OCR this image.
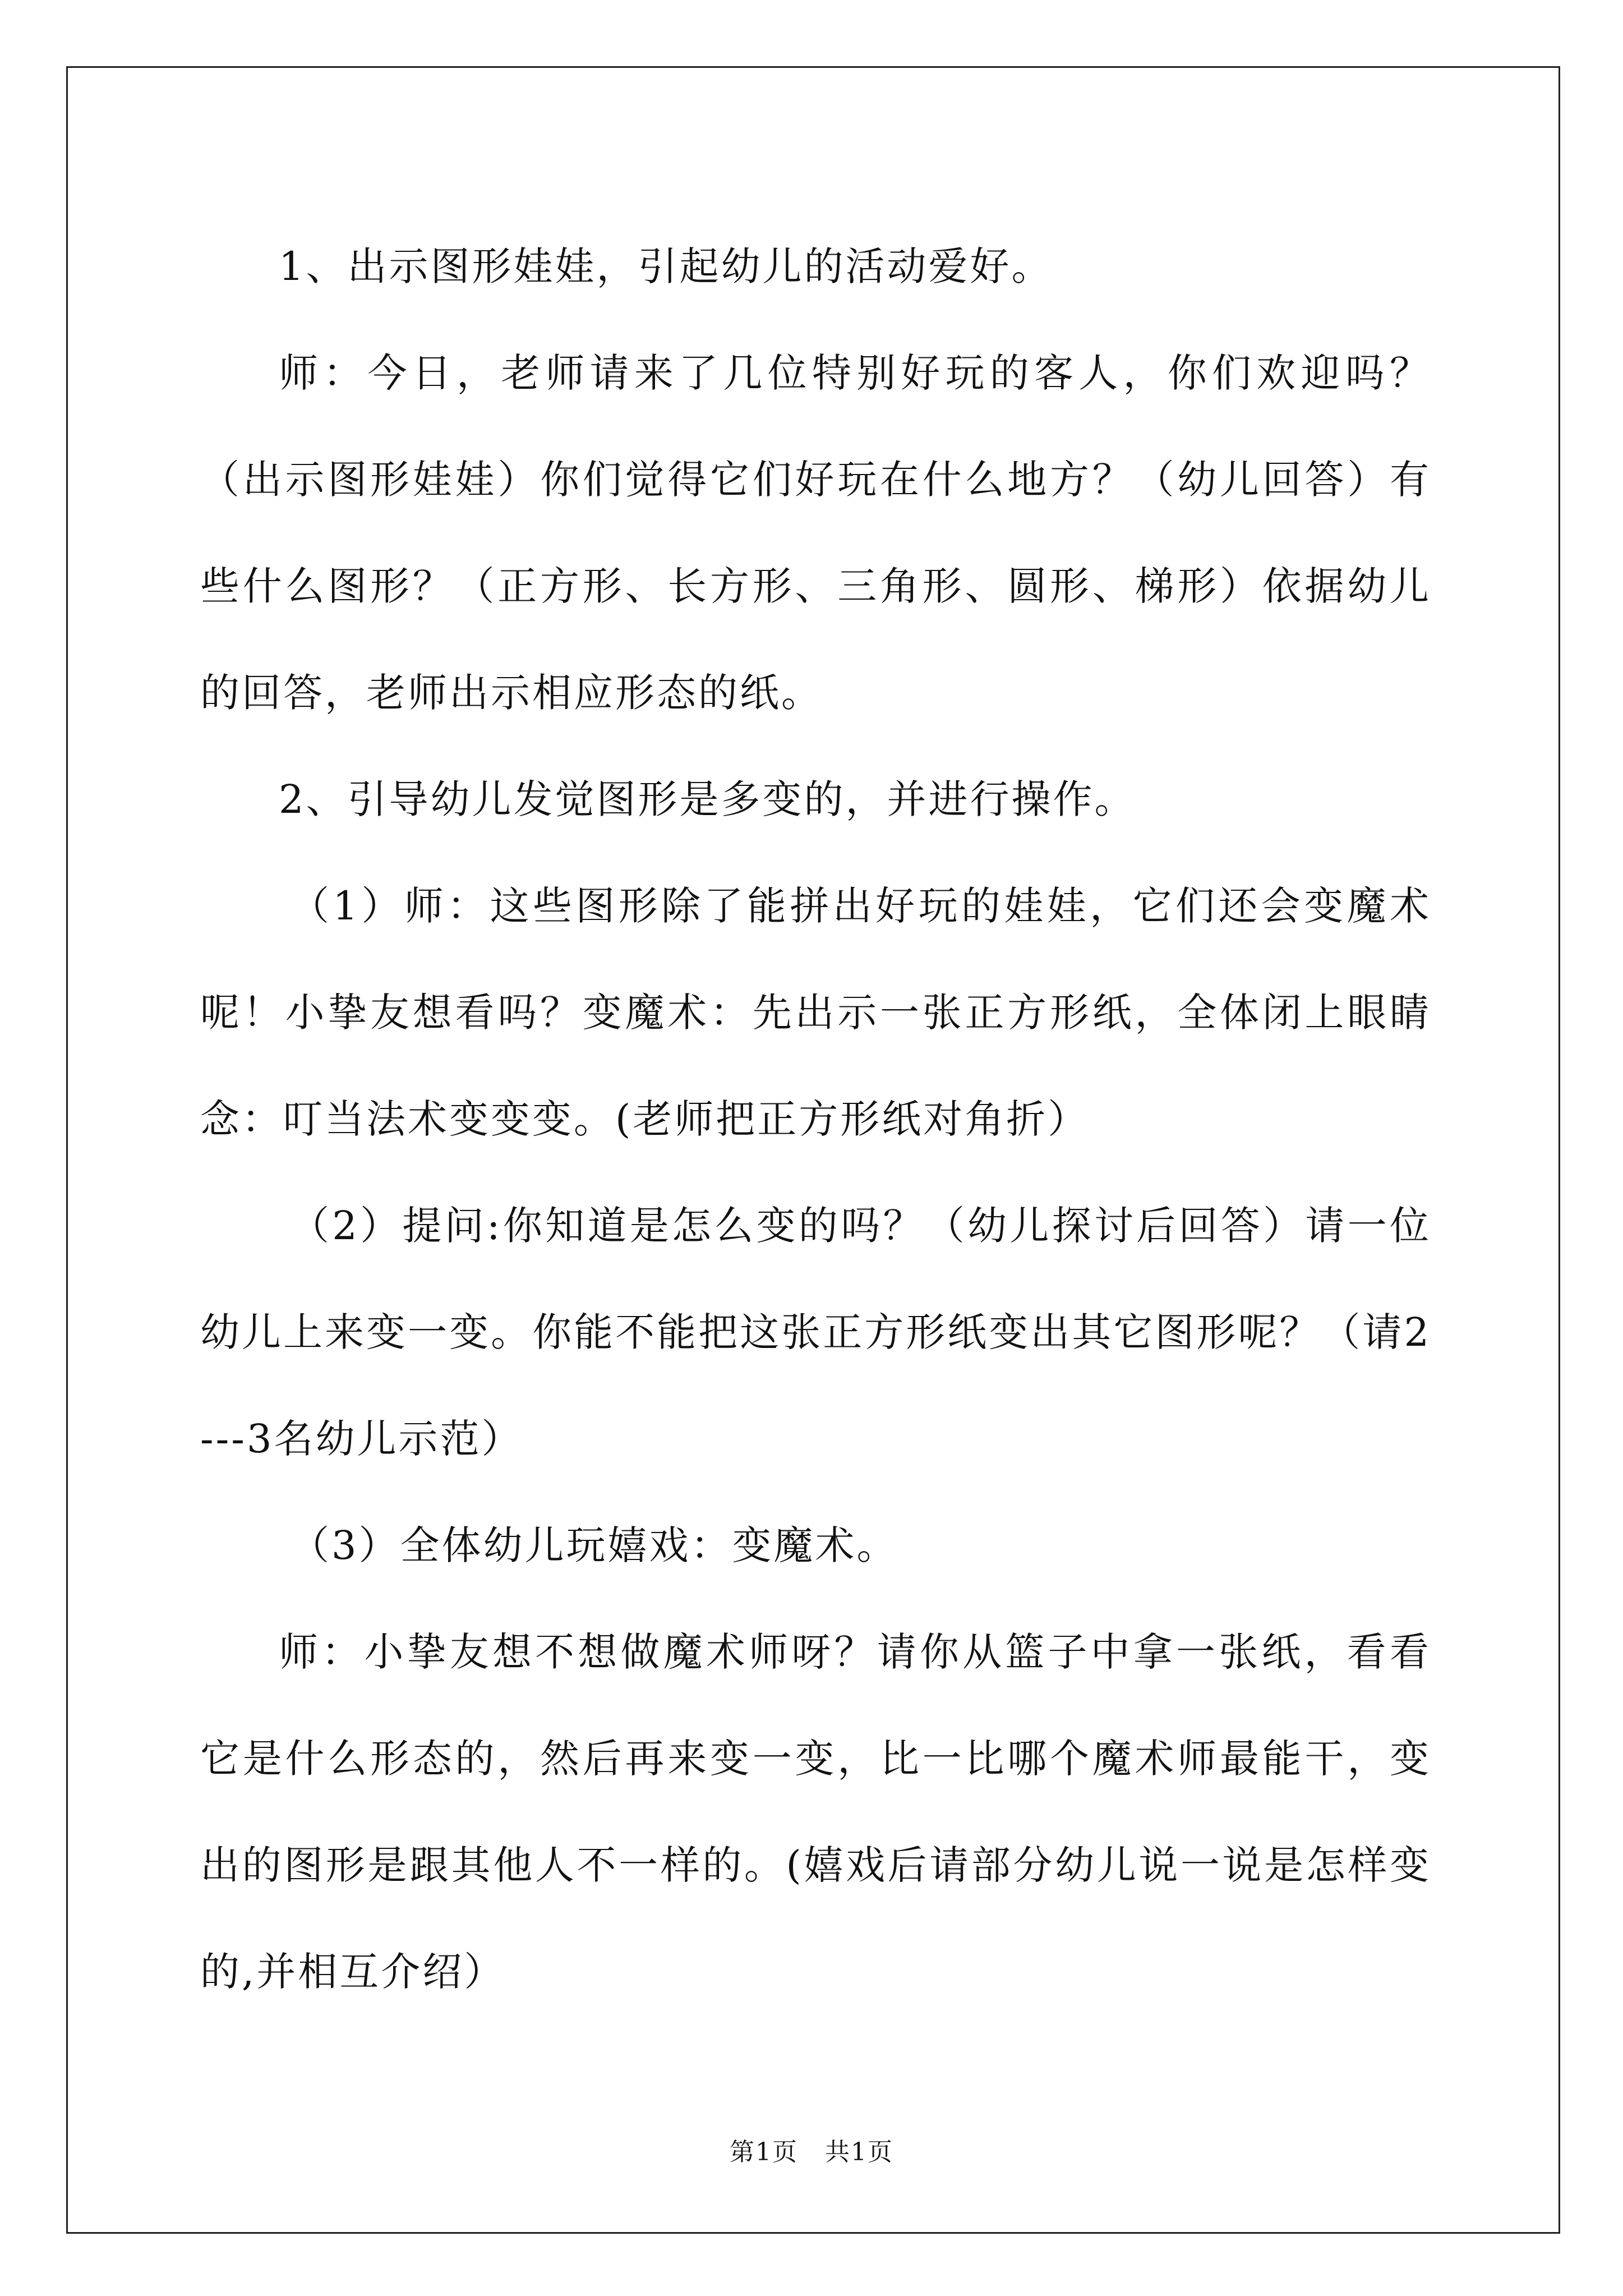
1、出示图形娃娃，引起幼儿的活动爱好。

师：今日，老师请来了几位特别好玩的客人，你们欢迎吗？（出示图形娃娃）你们觉得它们好玩在什么地方？（幼儿回答）有些什么图形？（正方形、长方形、三角形、圆形、梯形）依据幼儿的回答，老师出示相应形态的纸。

2、引导幼儿发觉图形是多变的，并进行操作。

（1）师：这些图形除了能拼出好玩的娃娃，它们还会变魔术呢！小挚友想看吗？变魔术：先出示一张正方形纸，全体闭上眼睛念：叮当法术变变变。(老师把正方形纸对角折）

（2）提问:你知道是怎么变的吗？（幼儿探讨后回答）请一位幼儿上来变一变。你能不能把这张正方形纸变出其它图形呢？（请2---3名幼儿示范）

（3）全体幼儿玩嬉戏：变魔术。

师：小挚友想不想做魔术师呀？请你从篮子中拿一张纸，看看它是什么形态的，然后再来变一变，比一比哪个魔术师最能干，变出的图形是跟其他人不一样的。(嬉戏后请部分幼儿说一说是怎样变的,并相互介绍）

第1页 共1页
